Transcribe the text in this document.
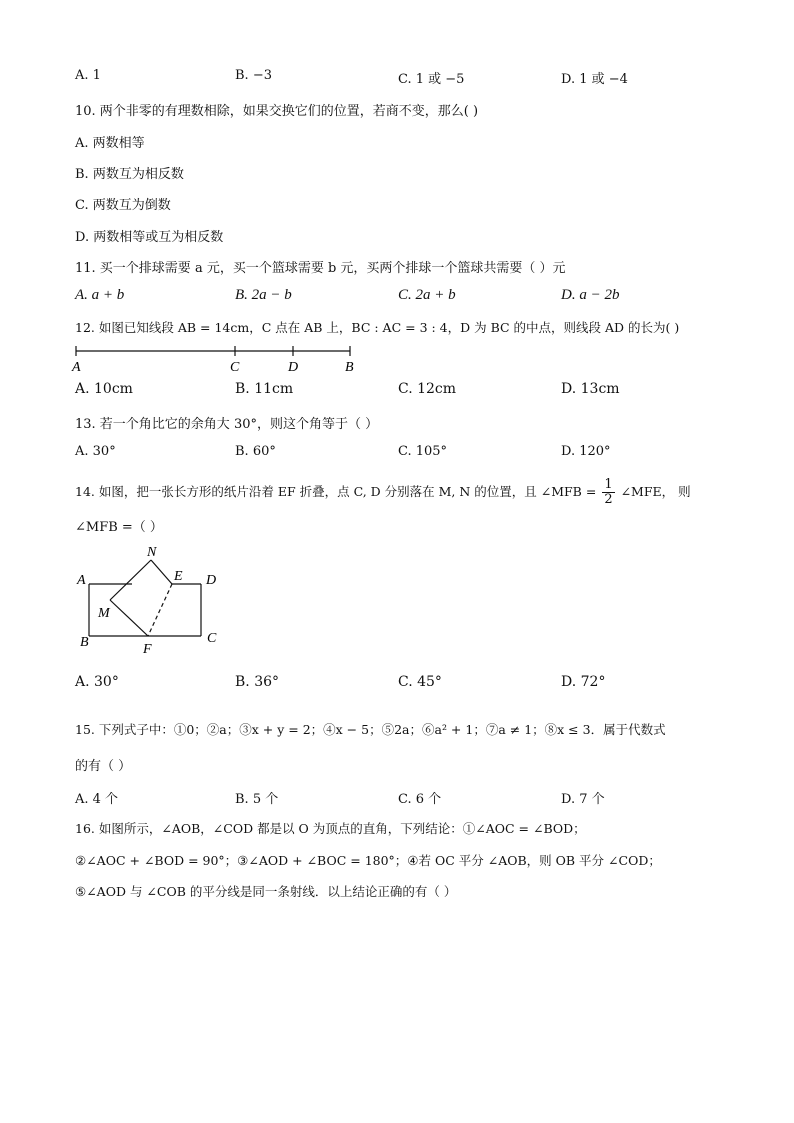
A. 1	B. −3	C. 1 或 −5	D. 1 或 −4
10. 两个非零的有理数相除，如果交换它们的位置，若商不变，那么( )
A. 两数相等
B. 两数互为相反数
C. 两数互为倒数
D. 两数相等或互为相反数
11. 买一个排球需要 a 元，买一个篮球需要 b 元，买两个排球一个篮球共需要（ ）元
A. a + b	B. 2a − b	C. 2a + b	D. a − 2b
12. 如图已知线段 AB = 14cm，C 点在 AB 上，BC : AC = 3 : 4，D 为 BC 的中点，则线段 AD 的长为( )
A	C	D	B
A. 10cm	B. 11cm	C. 12cm	D. 13cm
13. 若一个角比它的余角大 30°，则这个角等于（ ）
A. 30°	B. 60°	C. 105°	D. 120°
14. 如图，把一张长方形的纸片沿着 EF 折叠，点 C, D 分别落在 M, N 的位置，且 ∠MFB = $\frac{1}{2}$ ∠MFE， 则
∠MFB =（ ）
N
A	E D
M
B	F
C
A. 30°	B. 36°	C. 45°	D. 72°
15. 下列式子中：①0；②a；③x + y = 2；④x − 5；⑤2a；⑥a² + 1；⑦a ≠ 1；⑧x ≤ 3．属于代数式
的有（ ）
A. 4 个	B. 5 个	C. 6 个	D. 7 个
16. 如图所示，∠AOB，∠COD 都是以 O 为顶点的直角，下列结论：①∠AOC = ∠BOD；
②∠AOC + ∠BOD = 90°；③∠AOD + ∠BOC = 180°；④若 OC 平分 ∠AOB，则 OB 平分 ∠COD；
⑤∠AOD 与 ∠COB 的平分线是同一条射线．以上结论正确的有（ ）
